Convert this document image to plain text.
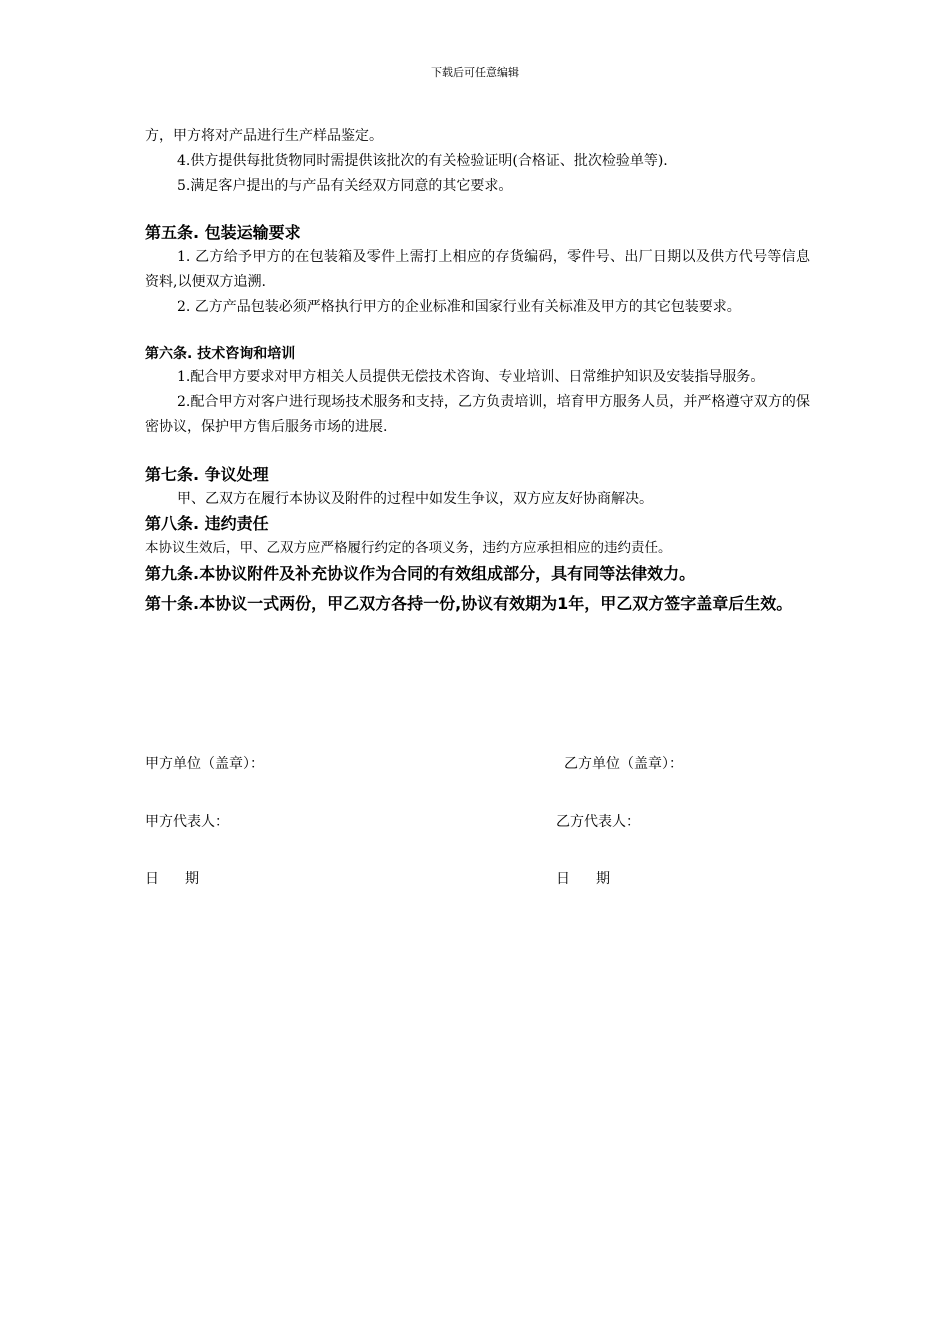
下载后可任意编辑

方，甲方将对产品进行生产样品鉴定。

4.供方提供每批货物同时需提供该批次的有关检验证明(合格证、批次检验单等).

5.满足客户提出的与产品有关经双方同意的其它要求。

第五条. 包装运输要求

1. 乙方给予甲方的在包装箱及零件上需打上相应的存货编码，零件号、出厂日期以及供方代号等信息资料,以便双方追溯.

2. 乙方产品包装必须严格执行甲方的企业标准和国家行业有关标准及甲方的其它包装要求。

第六条. 技术咨询和培训

1.配合甲方要求对甲方相关人员提供无偿技术咨询、专业培训、日常维护知识及安装指导服务。

2.配合甲方对客户进行现场技术服务和支持，乙方负责培训，培育甲方服务人员，并严格遵守双方的保密协议，保护甲方售后服务市场的进展.

第七条. 争议处理

甲、乙双方在履行本协议及附件的过程中如发生争议，双方应友好协商解决。

第八条. 违约责任

本协议生效后，甲、乙双方应严格履行约定的各项义务，违约方应承担相应的违约责任。

第九条.本协议附件及补充协议作为合同的有效组成部分，具有同等法律效力。

第十条.本协议一式两份，甲乙双方各持一份,协议有效期为1年，甲乙双方签字盖章后生效。

甲方单位（盖章）：	乙方单位（盖章）：
甲方代表人：	乙方代表人：
日 期	日 期
